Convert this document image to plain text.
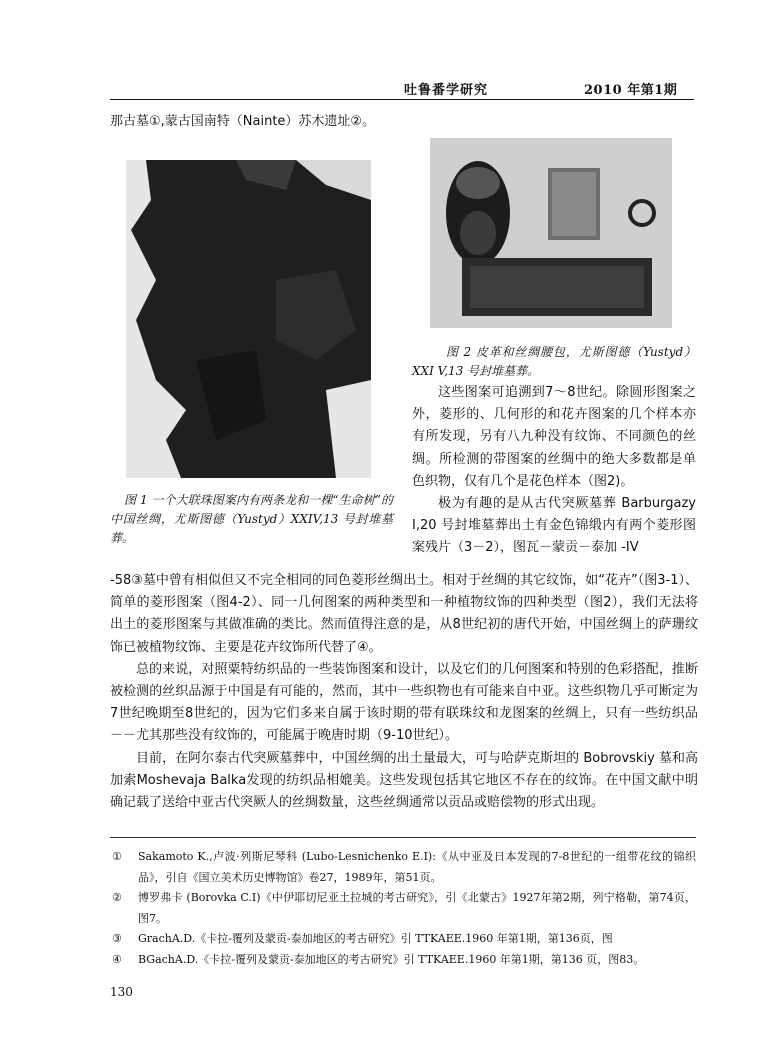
吐鲁番学研究	2010 年第1期
那古墓①,蒙古国南特（Nainte）苏木遗址②。
图 2 皮革和丝绸腰包，尤斯图德（Yustyd）XXI V,13 号封堆墓葬。

这些图案可追溯到7～8世纪。除圆形图案之外，菱形的、几何形的和花卉图案的几个样本亦有所发现，另有八九种没有纹饰、不同颜色的丝绸。所检测的带图案的丝绸中的绝大多数都是单色织物，仅有几个是花色样本（图2)。

极为有趣的是从古代突厥墓葬 Barburgazy I,20 号封堆墓葬出土有金色锦缎内有两个菱形图案残片（3－2），图瓦－蒙贡－泰加 -IV

图 1 一个大联珠图案内有两条龙和一棵“生命树”的中国丝绸，尤斯图德（Yustyd）XXIV,13 号封堆墓葬。

-58③墓中曾有相似但又不完全相同的同色菱形丝绸出土。相对于丝绸的其它纹饰，如“花卉”（图3-1）、简单的菱形图案（图4-2）、同一几何图案的两种类型和一种植物纹饰的四种类型（图2），我们无法将出土的菱形图案与其做准确的类比。然而值得注意的是，从8世纪初的唐代开始，中国丝绸上的萨珊纹饰已被植物纹饰、主要是花卉纹饰所代替了④。

总的来说，对照粟特纺织品的一些装饰图案和设计，以及它们的几何图案和特别的色彩搭配，推断被检测的丝织品源于中国是有可能的，然而，其中一些织物也有可能来自中亚。这些织物几乎可断定为7世纪晚期至8世纪的，因为它们多来自属于该时期的带有联珠纹和龙图案的丝绸上，只有一些纺织品－－尤其那些没有纹饰的，可能属于晚唐时期（9-10世纪）。

目前，在阿尔泰古代突厥墓葬中，中国丝绸的出土量最大，可与哈萨克斯坦的 Bobrovskiy 墓和高加索Moshevaja Balka发现的纺织品相媲美。这些发现包括其它地区不存在的纹饰。在中国文献中明确记载了送给中亚古代突厥人的丝绸数量，这些丝绸通常以贡品或赔偿物的形式出现。

①	Sakamoto K.,卢波·列斯尼琴科 (Lubo-Lesnichenko E.I):《从中亚及日本发现的7-8世纪的一组带花纹的锦织品》，引自《国立美术历史博物馆》卷27，1989年，第51页。
②	博罗弗卡 (Borovka C.I)《中伊耶切尼亚土拉城的考古研究》，引《北蒙古》1927年第2期，列宁格勒，第74页，图7。
③	GrachA.D.《卡拉-覆列及蒙贡-泰加地区的考古研究》引 TTKAEE.1960 年第1期，第136页，图
④	BGachA.D.《卡拉-覆列及蒙贡-泰加地区的考古研究》引 TTKAEE.1960 年第1期，第136 页，图83。
130
